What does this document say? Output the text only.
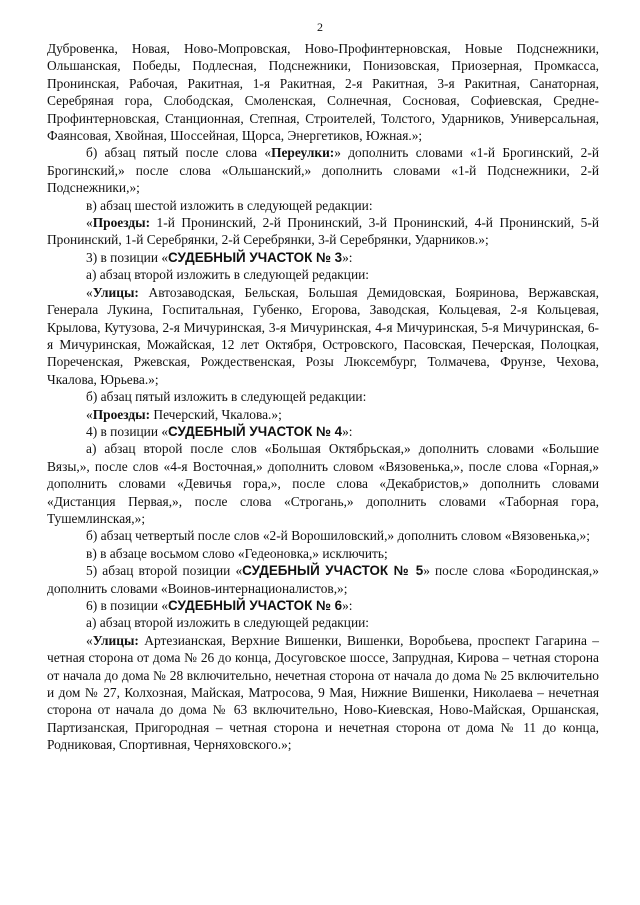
2

Дубровенка, Новая, Ново-Мопровская, Ново-Профинтерновская, Новые Подснежники, Ольшанская, Победы, Подлесная, Подснежники, Понизовская, Приозерная, Промкасса, Пронинская, Рабочая, Ракитная, 1-я Ракитная, 2-я Ракитная, 3-я Ракитная, Санаторная, Серебряная гора, Слободская, Смоленская, Солнечная, Сосновая, Софиевская, Средне-Профинтерновская, Станционная, Степная, Строителей, Толстого, Ударников, Универсальная, Фаянсовая, Хвойная, Шоссейная, Щорса, Энергетиков, Южная.»;

б) абзац пятый после слова «Переулки:» дополнить словами «1-й Брогинский, 2-й Брогинский,» после слова «Ольшанский,» дополнить словами «1-й Подснежники, 2-й Подснежники,»;

в) абзац шестой изложить в следующей редакции:

«Проезды: 1-й Пронинский, 2-й Пронинский, 3-й Пронинский, 4-й Пронинский, 5-й Пронинский, 1-й Серебрянки, 2-й Серебрянки, 3-й Серебрянки, Ударников.»;

3) в позиции «СУДЕБНЫЙ УЧАСТОК № 3»:

а) абзац второй изложить в следующей редакции:

«Улицы: Автозаводская, Бельская, Большая Демидовская, Бояринова, Вержавская, Генерала Лукина, Госпитальная, Губенко, Егорова, Заводская, Кольцевая, 2-я Кольцевая, Крылова, Кутузова, 2-я Мичуринская, 3-я Мичуринская, 4-я Мичуринская, 5-я Мичуринская, 6-я Мичуринская, Можайская, 12 лет Октября, Островского, Пасовская, Печерская, Полоцкая, Пореченская, Ржевская, Рождественская, Розы Люксембург, Толмачева, Фрунзе, Чехова, Чкалова, Юрьева.»;

б) абзац пятый изложить в следующей редакции:

«Проезды: Печерский, Чкалова.»;

4) в позиции «СУДЕБНЫЙ УЧАСТОК № 4»:

а) абзац второй после слов «Большая Октябрьская,» дополнить словами «Большие Вязы,», после слов «4-я Восточная,» дополнить словом «Вязовенька,», после слова «Горная,» дополнить словами «Девичья гора,», после слова «Декабристов,» дополнить словами «Дистанция Первая,», после слова «Строгань,» дополнить словами «Таборная гора, Тушемлинская,»;

б) абзац четвертый после слов «2-й Ворошиловский,» дополнить словом «Вязовенька,»;

в) в абзаце восьмом слово «Гедеоновка,» исключить;

5) абзац второй позиции «СУДЕБНЫЙ УЧАСТОК № 5» после слова «Бородинская,» дополнить словами «Воинов-интернационалистов,»;

6) в позиции «СУДЕБНЫЙ УЧАСТОК № 6»:

а) абзац второй изложить в следующей редакции:

«Улицы: Артезианская, Верхние Вишенки, Вишенки, Воробьева, проспект Гагарина – четная сторона от дома № 26 до конца, Досуговское шоссе, Запрудная, Кирова – четная сторона от начала до дома № 28 включительно, нечетная сторона от начала до дома № 25 включительно и дом № 27, Колхозная, Майская, Матросова, 9 Мая, Нижние Вишенки, Николаева – нечетная сторона от начала до дома № 63 включительно, Ново-Киевская, Ново-Майская, Оршанская, Партизанская, Пригородная – четная сторона и нечетная сторона от дома № 11 до конца, Родниковая, Спортивная, Черняховского.»;
